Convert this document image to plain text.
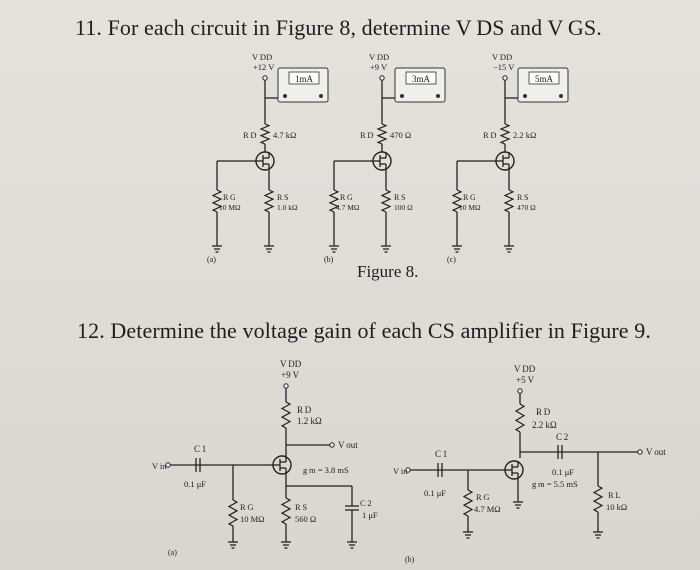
11. For each circuit in Figure 8, determine V DS and V GS.
12. Determine the voltage gain of each CS amplifier in Figure 9.
Figure 8.
V DD
+12 V
1mA
R D 4.7 kΩ
R G
10 MΩ
R S
1.0 kΩ
(a)
V DD
+9 V
3mA
R D 470 Ω
R G
4.7 MΩ
R S
100 Ω
(b)
V DD
−15 V
5mA
R D 2.2 kΩ
R G
10 MΩ
R S
470 Ω
(c)
V DD
+9 V
R D
1.2 kΩ
V out
g m = 3.8 mS
C 1
0.1 μF
V in
R G
10 MΩ
R S
560 Ω
C 2
1 μF
(a)
V DD
+5 V
R D
2.2 kΩ
C 2
0.1 μF
g m = 5.5 mS
V out
R L
10 kΩ
C 1
0.1 μF
V in
R G
4.7 MΩ
(b)
